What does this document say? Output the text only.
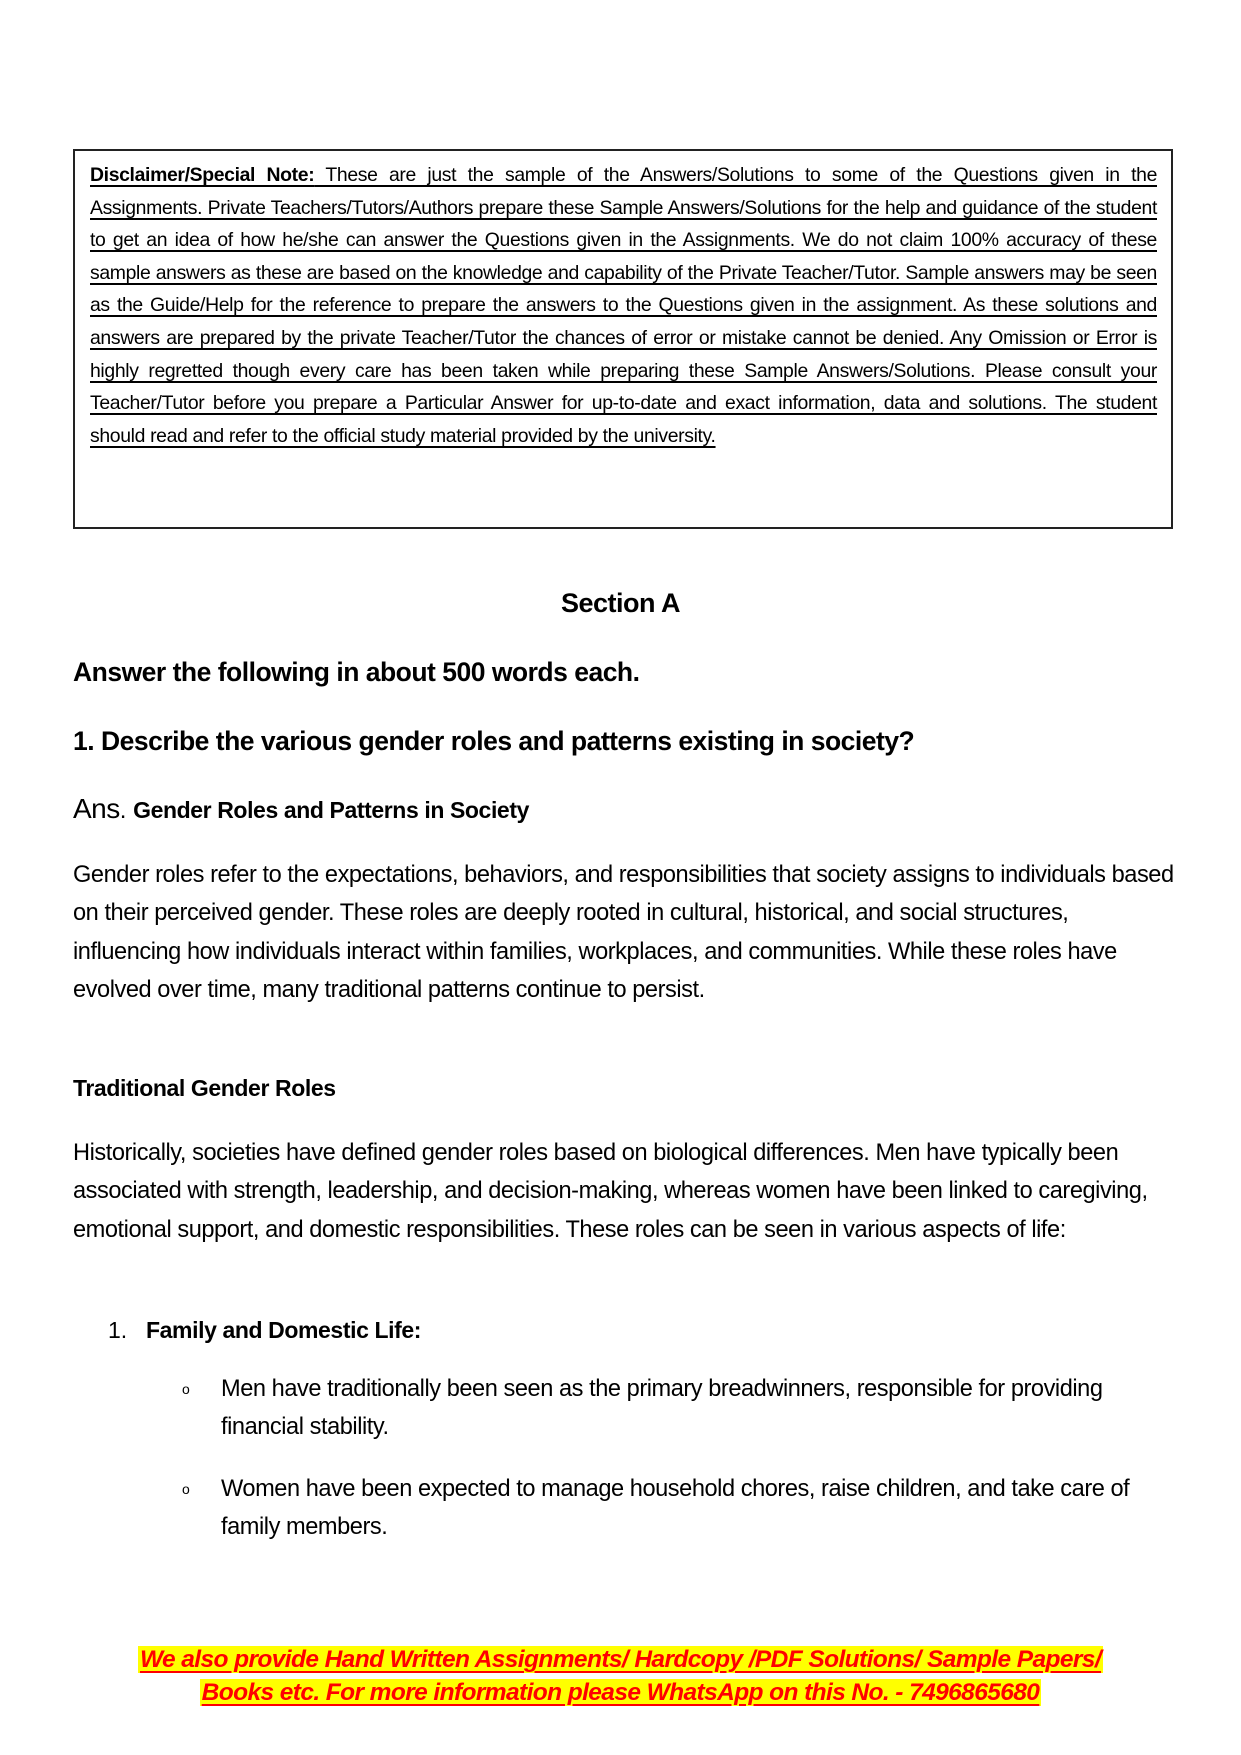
Disclaimer/Special Note: These are just the sample of the Answers/Solutions to some of the Questions given in the Assignments. Private Teachers/Tutors/Authors prepare these Sample Answers/Solutions for the help and guidance of the student to get an idea of how he/she can answer the Questions given in the Assignments. We do not claim 100% accuracy of these sample answers as these are based on the knowledge and capability of the Private Teacher/Tutor. Sample answers may be seen as the Guide/Help for the reference to prepare the answers to the Questions given in the assignment. As these solutions and answers are prepared by the private Teacher/Tutor the chances of error or mistake cannot be denied. Any Omission or Error is highly regretted though every care has been taken while preparing these Sample Answers/Solutions. Please consult your Teacher/Tutor before you prepare a Particular Answer for up-to-date and exact information, data and solutions. The student should read and refer to the official study material provided by the university.

Section A
Answer the following in about 500 words each.
1. Describe the various gender roles and patterns existing in society?
Ans. Gender Roles and Patterns in Society

Gender roles refer to the expectations, behaviors, and responsibilities that society assigns to individuals based on their perceived gender. These roles are deeply rooted in cultural, historical, and social structures, influencing how individuals interact within families, workplaces, and communities. While these roles have evolved over time, many traditional patterns continue to persist.

Traditional Gender Roles

Historically, societies have defined gender roles based on biological differences. Men have typically been associated with strength, leadership, and decision-making, whereas women have been linked to caregiving, emotional support, and domestic responsibilities. These roles can be seen in various aspects of life:

1. Family and Domestic Life:
o Men have traditionally been seen as the primary breadwinners, responsible for providing financial stability.

o Women have been expected to manage household chores, raise children, and take care of family members.

We also provide Hand Written Assignments/ Hardcopy /PDF Solutions/ Sample Papers/
Books etc. For more information please WhatsApp on this No. - 7496865680
